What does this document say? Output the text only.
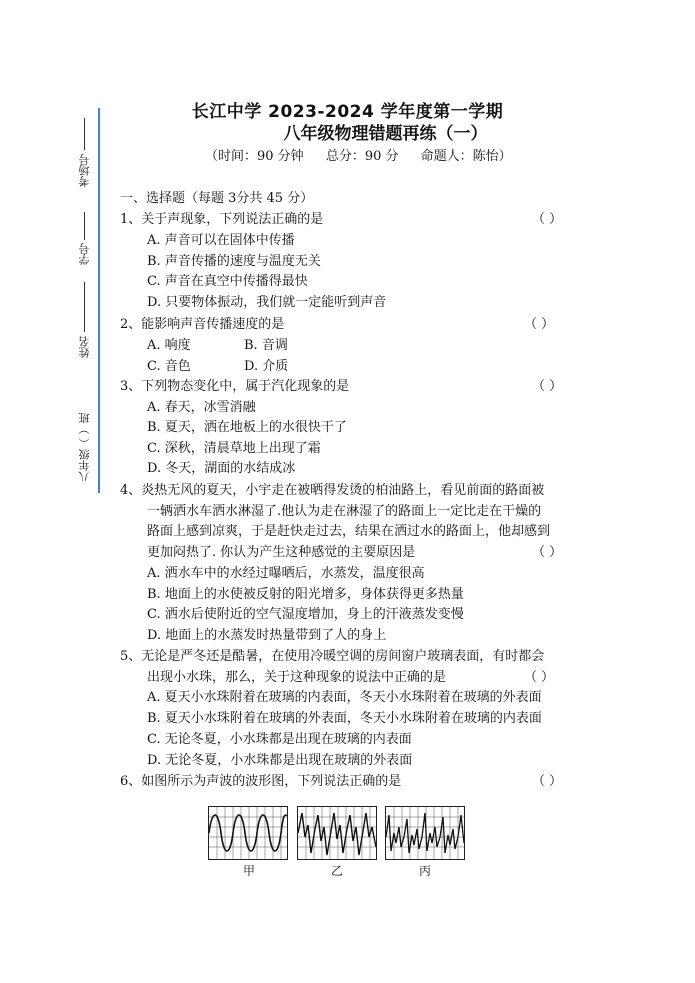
长江中学 2023-2024 学年度第一学期
八年级物理错题再练（一）
（时间：90 分钟 总分：90 分 命题人：陈怡）
考场号
学号
姓名
八年级（ ）班
一、选择题（每题 3分共 45 分）
1、关于声现象，下列说法正确的是	（ ）
A. 声音可以在固体中传播
B. 声音传播的速度与温度无关
C. 声音在真空中传播得最快
D. 只要物体振动，我们就一定能听到声音
2、能影响声音传播速度的是	（ ）
A. 响度	B. 音调
C. 音色	D. 介质
3、下列物态变化中，属于汽化现象的是	（ ）
A. 春天，冰雪消融
B. 夏天，洒在地板上的水很快干了
C. 深秋，清晨草地上出现了霜
D. 冬天，湖面的水结成冰
4、炎热无风的夏天，小宇走在被晒得发烫的柏油路上，看见前面的路面被
一辆洒水车洒水淋湿了.他认为走在淋湿了的路面上一定比走在干燥的
路面上感到凉爽，于是赶快走过去，结果在洒过水的路面上，他却感到
更加闷热了. 你认为产生这种感觉的主要原因是	（ ）
A. 洒水车中的水经过曝晒后，水蒸发，温度很高
B. 地面上的水使被反射的阳光增多，身体获得更多热量
C. 洒水后使附近的空气湿度增加，身上的汗液蒸发变慢
D. 地面上的水蒸发时热量带到了人的身上
5、无论是严冬还是酷暑，在使用冷暖空调的房间窗户玻璃表面，有时都会
出现小水珠，那么，关于这种现象的说法中正确的是	（ ）
A. 夏天小水珠附着在玻璃的内表面，冬天小水珠附着在玻璃的外表面
B. 夏天小水珠附着在玻璃的外表面，冬天小水珠附着在玻璃的内表面
C. 无论冬夏，小水珠都是出现在玻璃的内表面
D. 无论冬夏，小水珠都是出现在玻璃的外表面
6、如图所示为声波的波形图，下列说法正确的是	（ ）
甲	乙	丙
